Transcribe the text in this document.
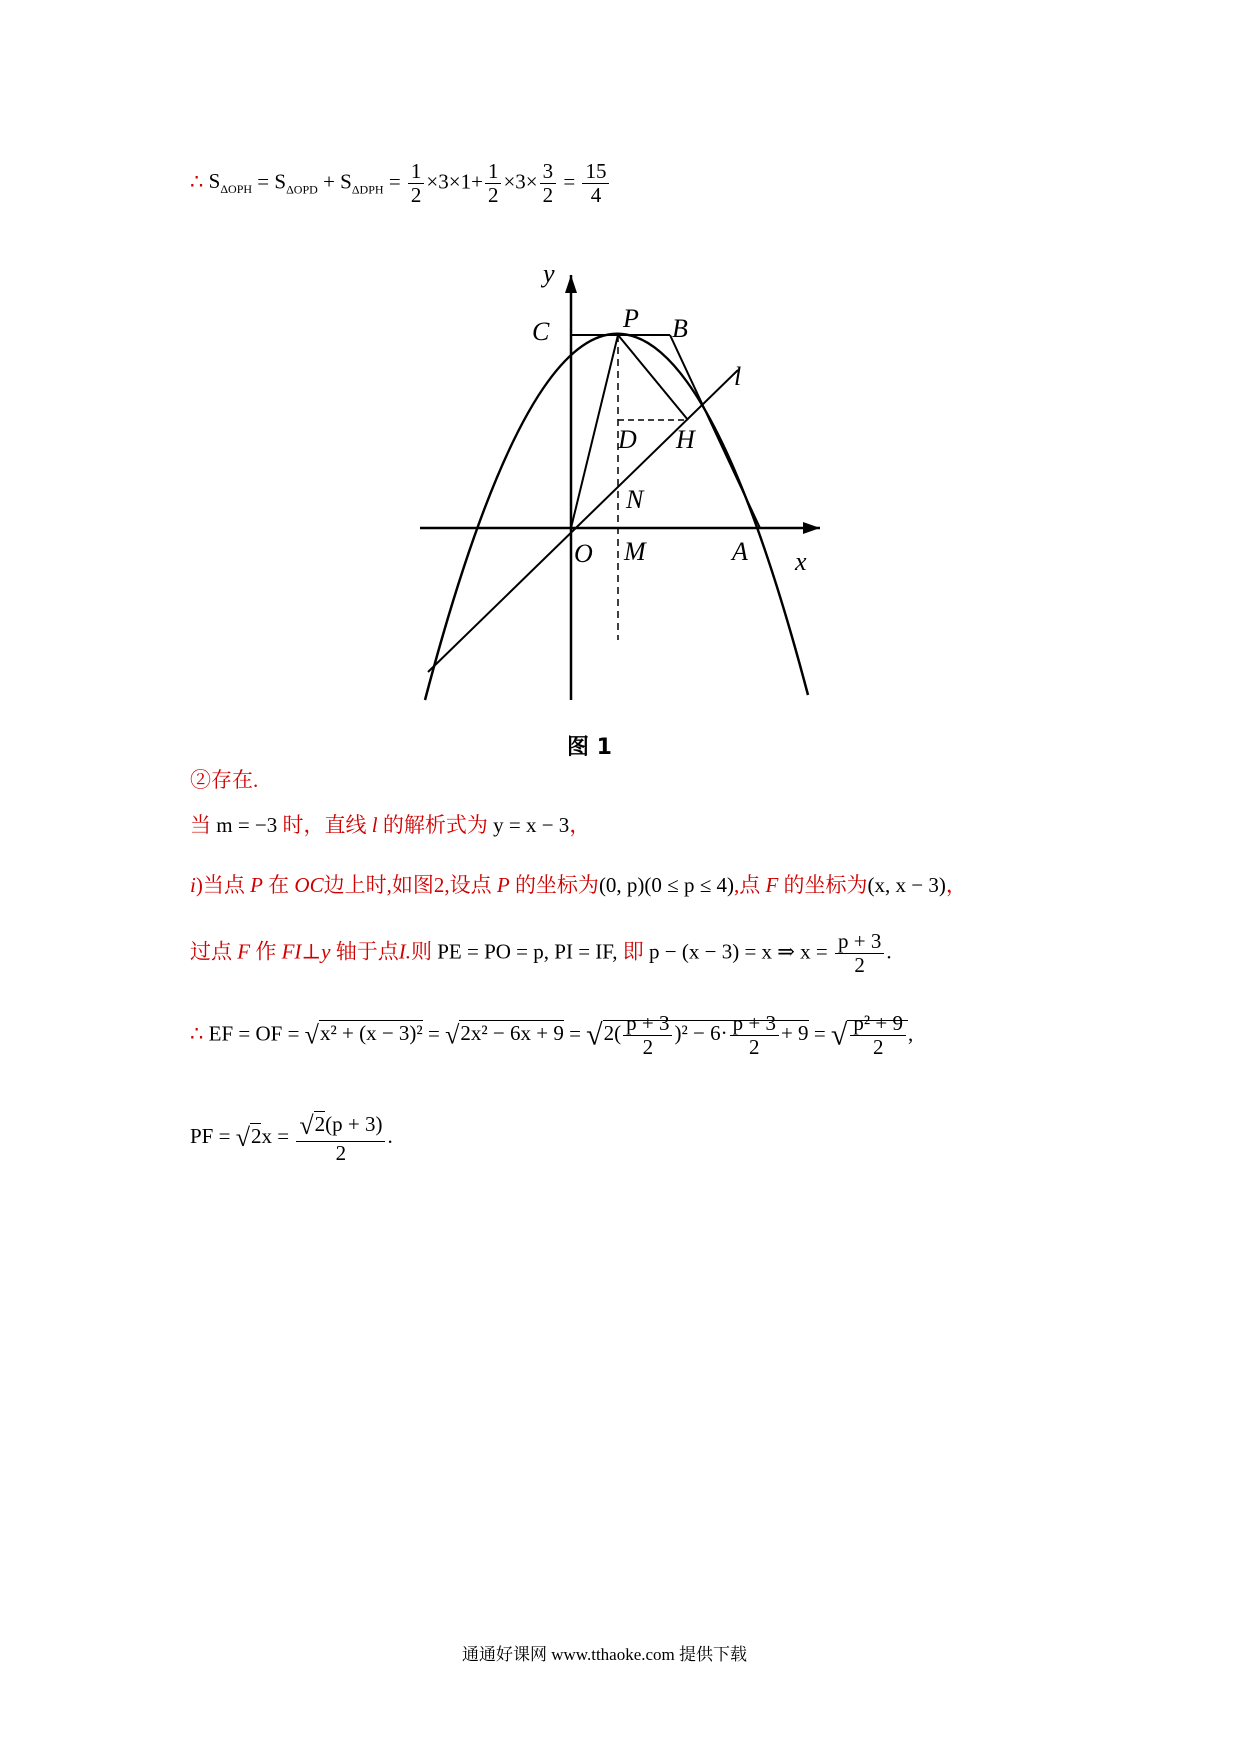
∴ $S_{\Delta OPH} = S_{\Delta OPD} + S_{\Delta DPH} = \frac{1}{2} \times 3\times 1+ \frac{1}{2} \times 3\times \frac{3}{2} = \frac{15}{4}$
y
x
C	P B
l
D H
N
O M	A
图 1
②存在.
当 m = −3 时，直线 l 的解析式为 y = x − 3，
i)当点 P 在 OC边上时,如图2,设点 P 的坐标为(0, p)(0 ≤ p ≤ 4),点 F 的坐标为(x, x − 3)，
过点 F 作 FI⊥y 轴于点I.则 PE = PO = p, PI = IF, 即 p − (x − 3) = x ⇒ $x = \frac{p + 3}{2}$ .
∴ EF = OF = $√x^2 + (x - 3)^2 = √2x^2 - 6x + 9 = √2( \frac{p + 3}{2} )^2 - 6\cdot \frac{p + 3}{2} + 9$ = √ $\frac{\text{p² + 9}}{2}$ ,
PF = $√2x = \frac{√2(p + 3)}{2}$ .
通通好课网 www.tthaoke.com 提供下载
